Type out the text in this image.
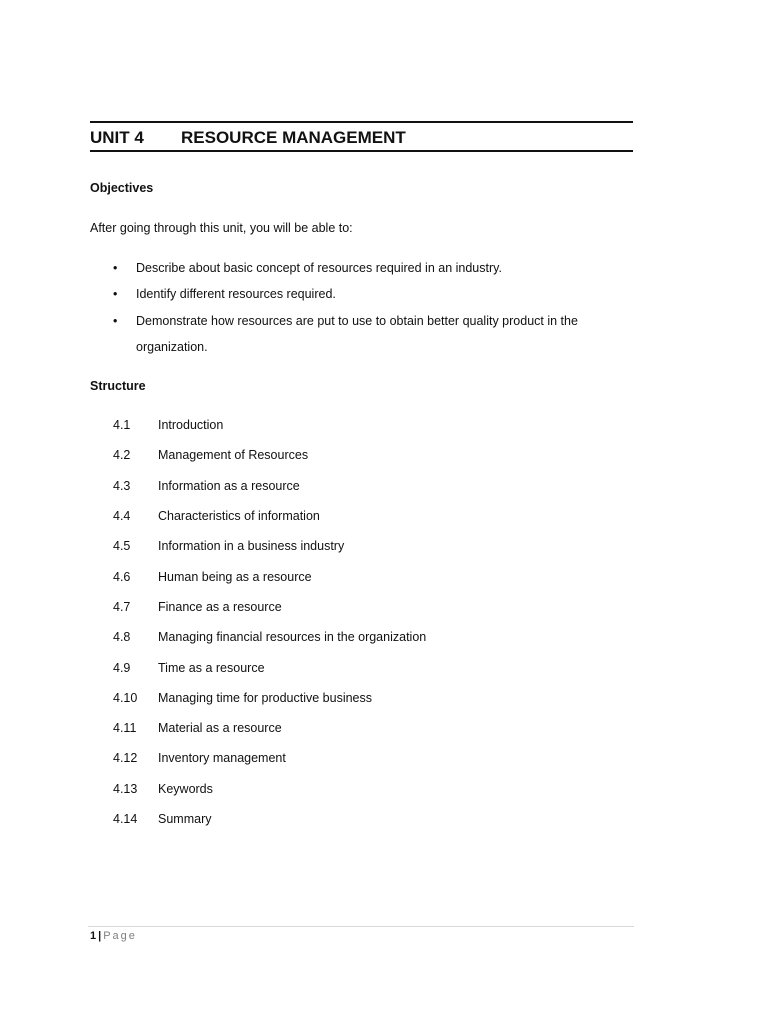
UNIT 4 RESOURCE MANAGEMENT
Objectives
After going through this unit, you will be able to:
• Describe about basic concept of resources required in an industry.
• Identify different resources required.
• Demonstrate how resources are put to use to obtain better quality product in the organization.
Structure
4.1 Introduction
4.2 Management of Resources
4.3 Information as a resource
4.4 Characteristics of information
4.5 Information in a business industry
4.6 Human being as a resource
4.7 Finance as a resource
4.8 Managing financial resources in the organization
4.9 Time as a resource
4.10 Managing time for productive business
4.11 Material as a resource
4.12 Inventory management
4.13 Keywords
4.14 Summary
1 | Page
